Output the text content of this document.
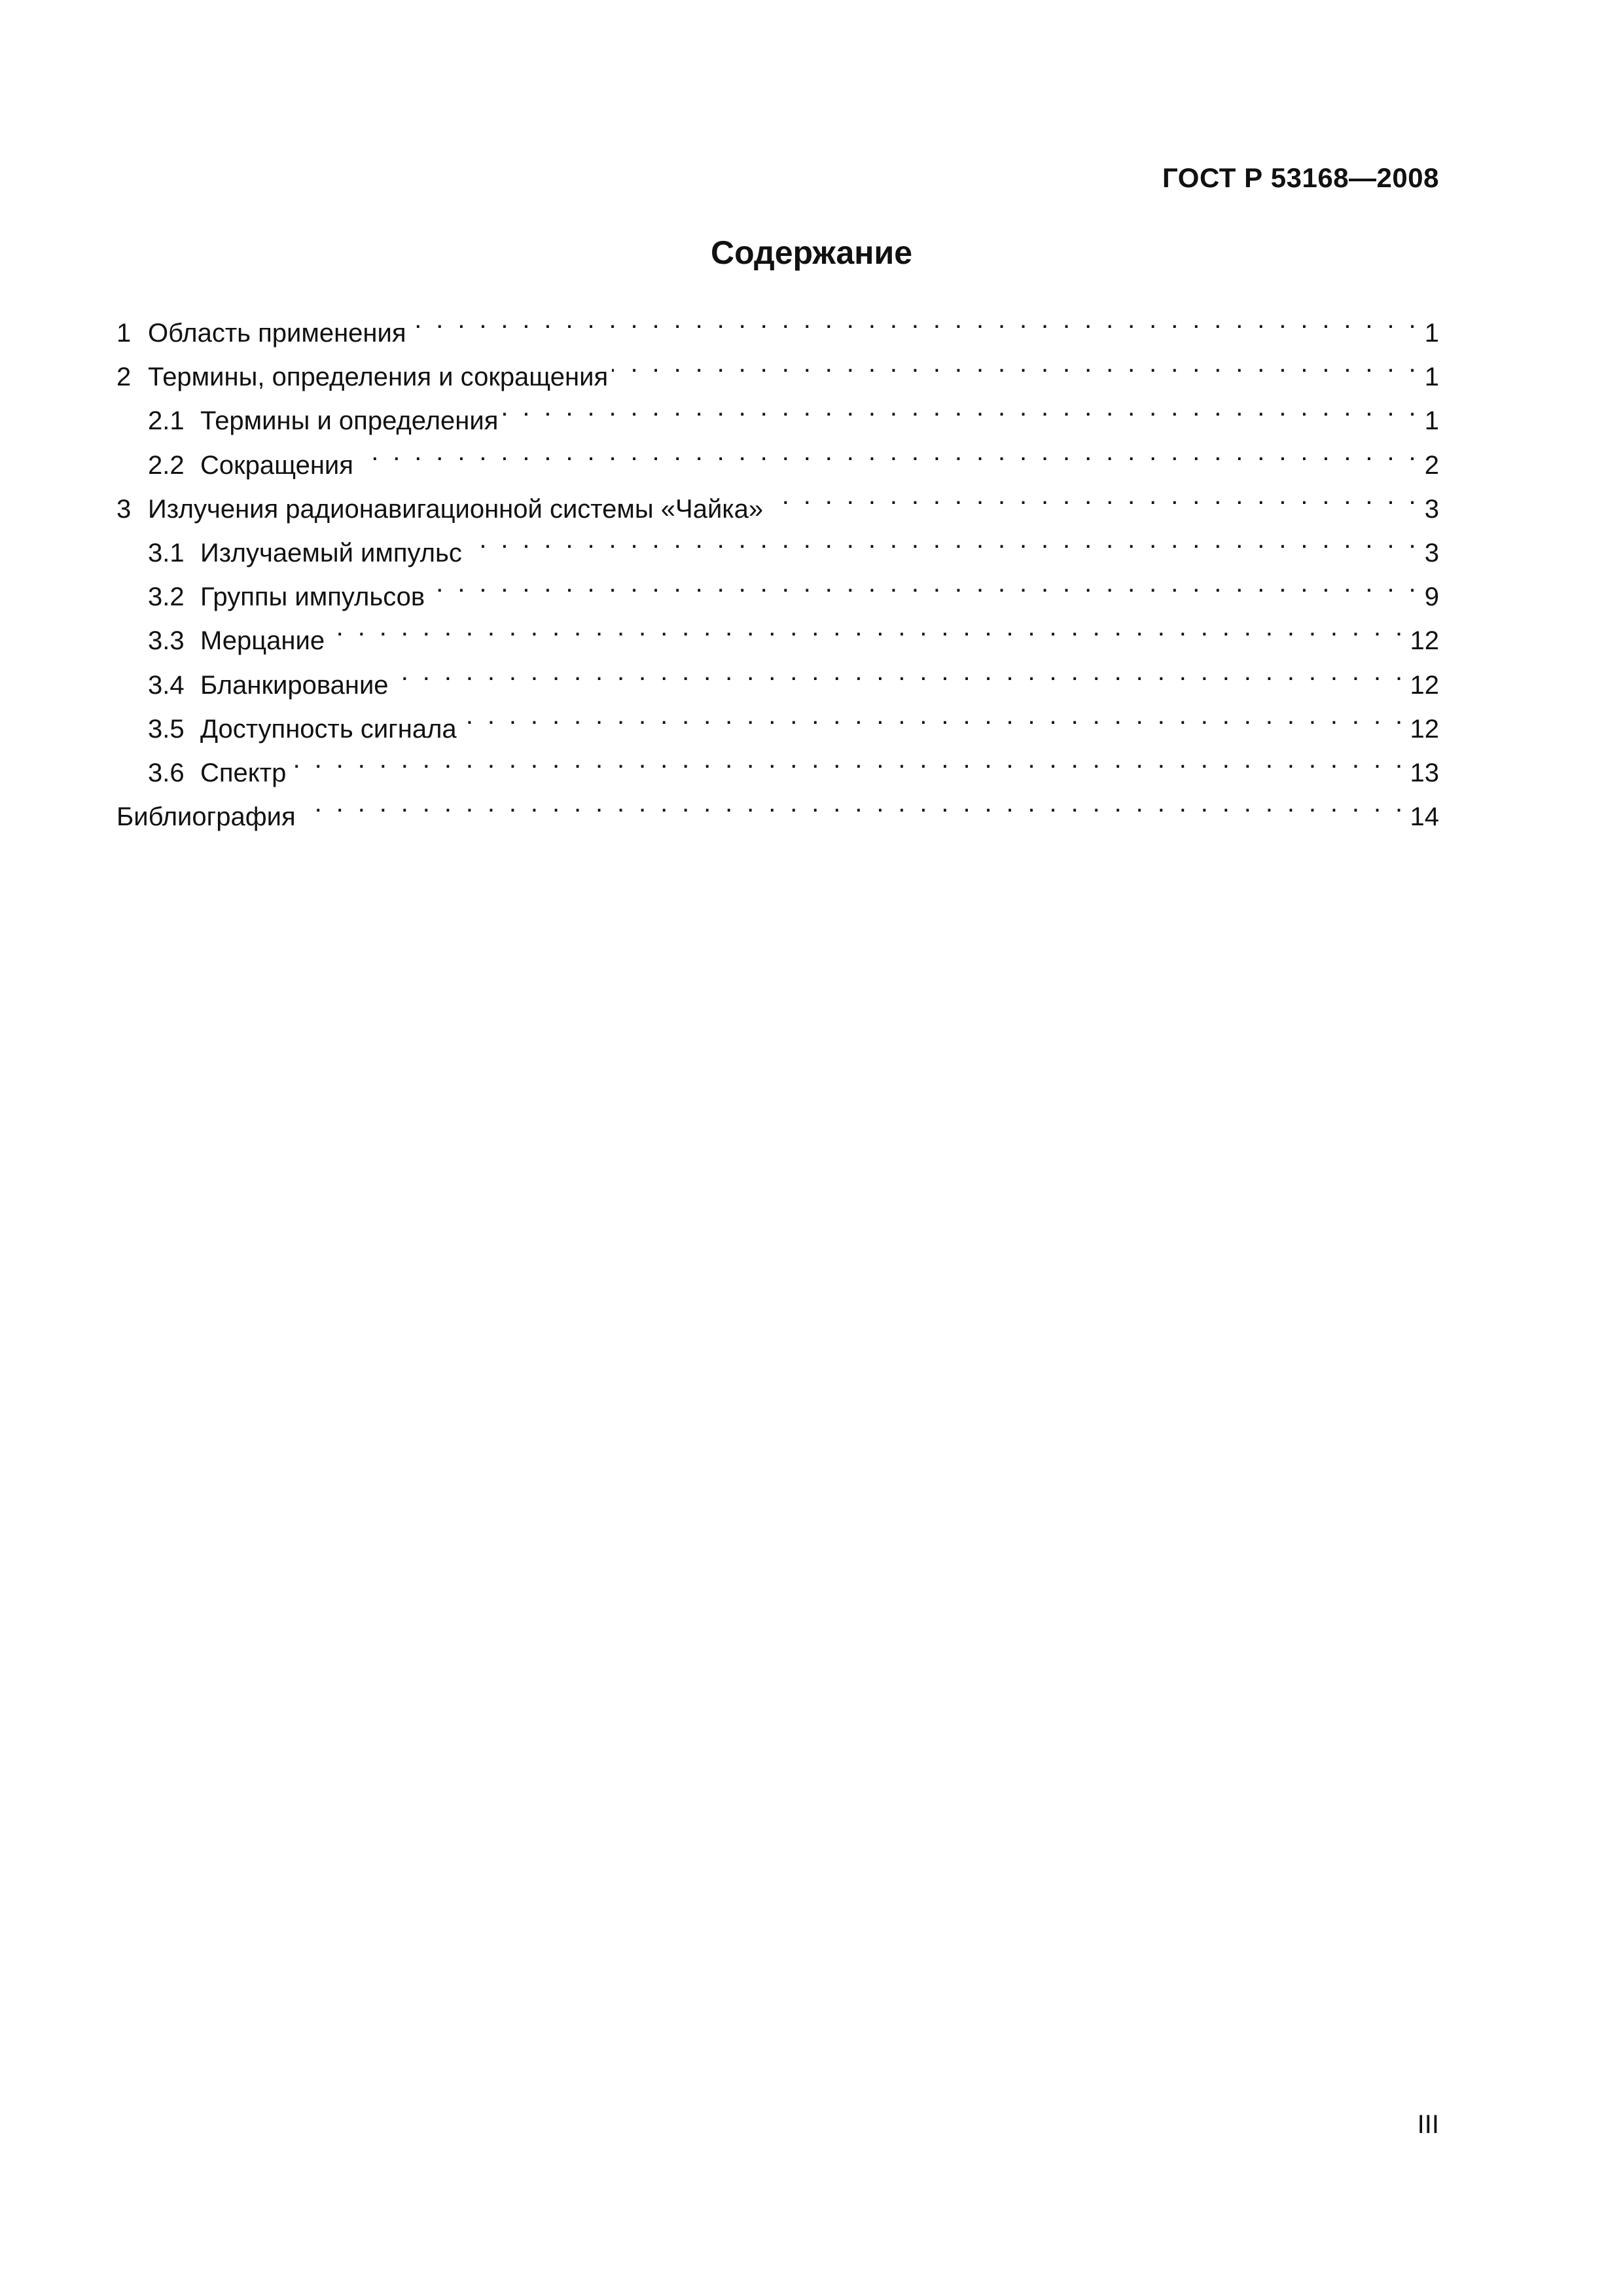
ГОСТ Р 53168—2008
Содержание
1 Область применения . . .	1
2 Термины, определения и сокращения . . .	1
2.1 Термины и определения . . .	1
2.2 Сокращения . . .	2
3 Излучения радионавигационной системы «Чайка» . . .	3
3.1 Излучаемый импульс . . .	3
3.2 Группы импульсов . . .	9
3.3 Мерцание . . .	12
3.4 Бланкирование . . .	12
3.5 Доступность сигнала . . .	12
3.6 Спектр . . .	13
Библиография . . .	14
III
